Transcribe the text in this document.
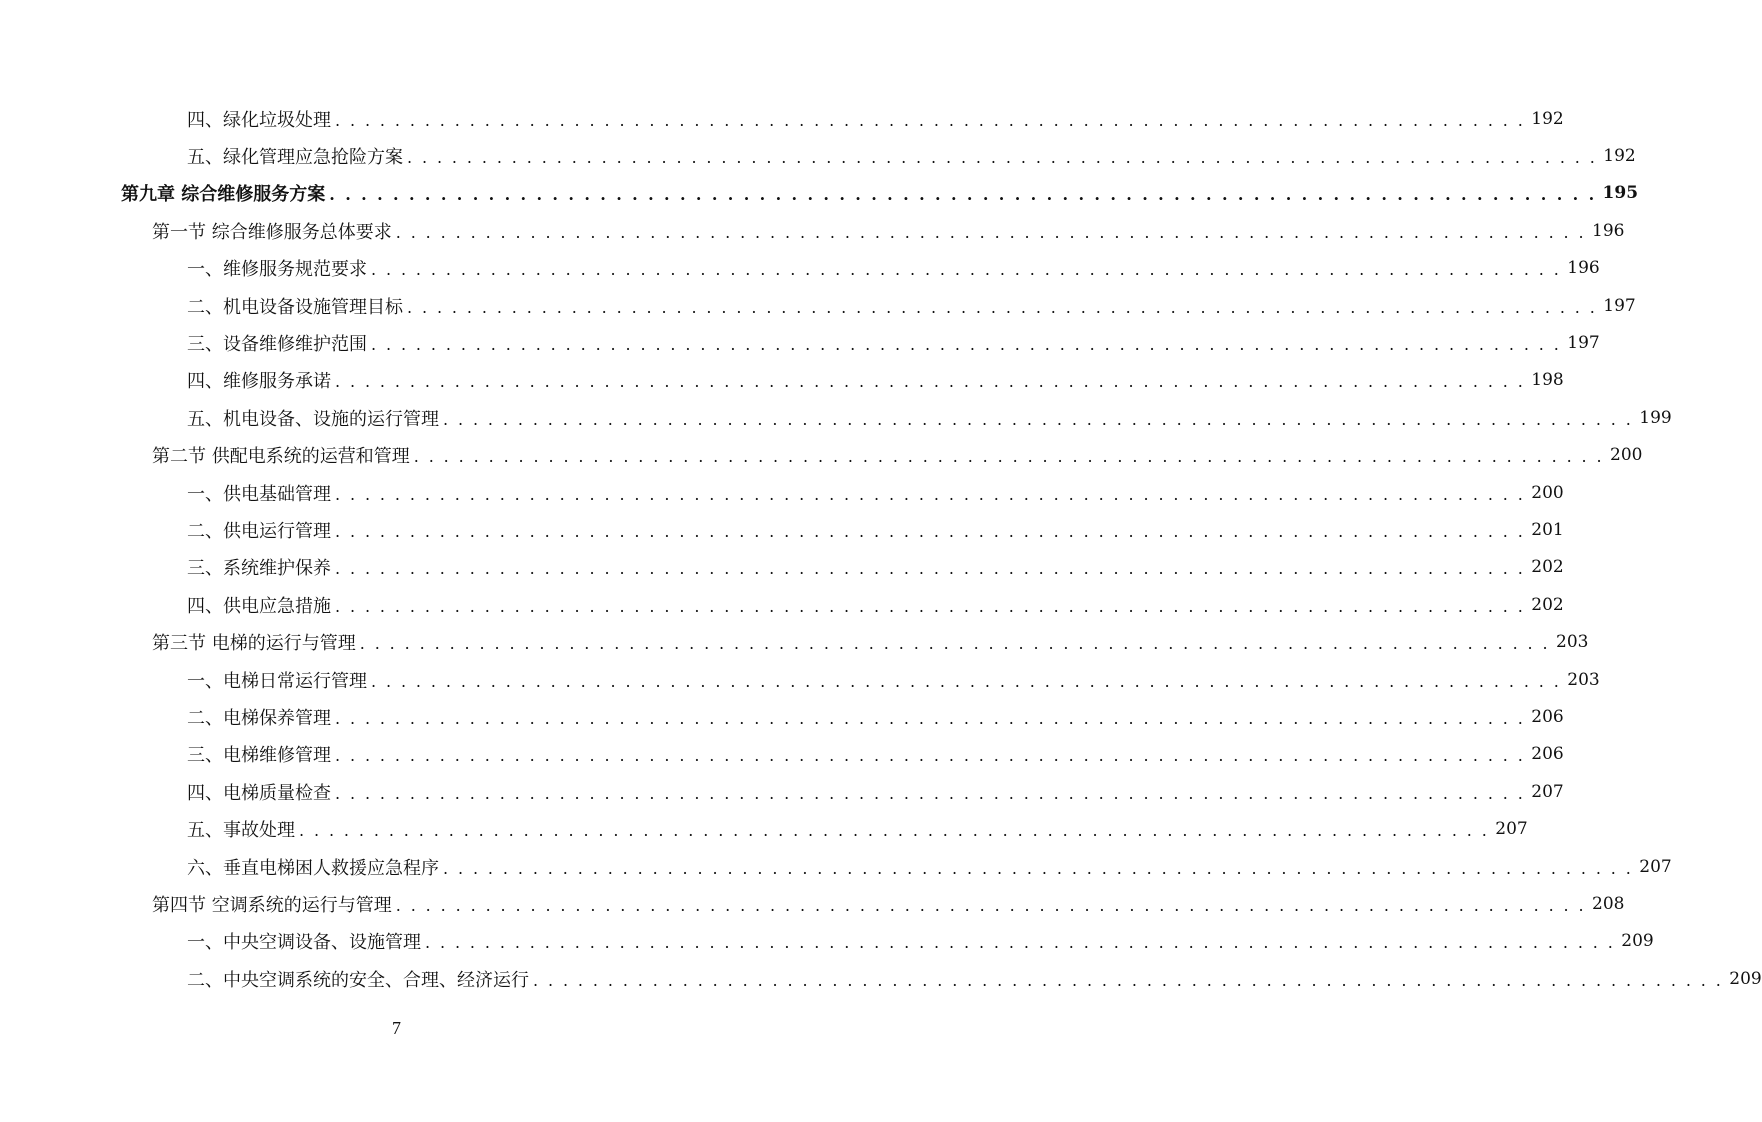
四、绿化垃圾处理 . . . . . . . . . . . . . . . . . . . . . . . . . . . . . . . . . . . . . . . . . . . . . . . . . . . . . . . . . . . . . . . . . . . . . . . . . . . . . . . . 192
五、绿化管理应急抢险方案 . . . . . . . . . . . . . . . . . . . . . . . . . . . . . . . . . . . . . . . . . . . . . . . . . . . . . . . . . . . . . . . . . . . . . . . . . . . . . . . . 192
第九章 综合维修服务方案 . . . . . . . . . . . . . . . . . . . . . . . . . . . . . . . . . . . . . . . . . . . . . . . . . . . . . . . . . . . . . . . . . . . . . . . . . . . . . . . . 195
第一节 综合维修服务总体要求 . . . . . . . . . . . . . . . . . . . . . . . . . . . . . . . . . . . . . . . . . . . . . . . . . . . . . . . . . . . . . . . . . . . . . . . . . . . . . . . . 196
一、维修服务规范要求 . . . . . . . . . . . . . . . . . . . . . . . . . . . . . . . . . . . . . . . . . . . . . . . . . . . . . . . . . . . . . . . . . . . . . . . . . . . . . . . . 196
二、机电设备设施管理目标 . . . . . . . . . . . . . . . . . . . . . . . . . . . . . . . . . . . . . . . . . . . . . . . . . . . . . . . . . . . . . . . . . . . . . . . . . . . . . . . . 197
三、设备维修维护范围 . . . . . . . . . . . . . . . . . . . . . . . . . . . . . . . . . . . . . . . . . . . . . . . . . . . . . . . . . . . . . . . . . . . . . . . . . . . . . . . . 197
四、维修服务承诺 . . . . . . . . . . . . . . . . . . . . . . . . . . . . . . . . . . . . . . . . . . . . . . . . . . . . . . . . . . . . . . . . . . . . . . . . . . . . . . . . 198
五、机电设备、设施的运行管理 . . . . . . . . . . . . . . . . . . . . . . . . . . . . . . . . . . . . . . . . . . . . . . . . . . . . . . . . . . . . . . . . . . . . . . . . . . . . . . . . 199
第二节 供配电系统的运营和管理 . . . . . . . . . . . . . . . . . . . . . . . . . . . . . . . . . . . . . . . . . . . . . . . . . . . . . . . . . . . . . . . . . . . . . . . . . . . . . . . . 200
一、供电基础管理 . . . . . . . . . . . . . . . . . . . . . . . . . . . . . . . . . . . . . . . . . . . . . . . . . . . . . . . . . . . . . . . . . . . . . . . . . . . . . . . . 200
二、供电运行管理 . . . . . . . . . . . . . . . . . . . . . . . . . . . . . . . . . . . . . . . . . . . . . . . . . . . . . . . . . . . . . . . . . . . . . . . . . . . . . . . . 201
三、系统维护保养 . . . . . . . . . . . . . . . . . . . . . . . . . . . . . . . . . . . . . . . . . . . . . . . . . . . . . . . . . . . . . . . . . . . . . . . . . . . . . . . . 202
四、供电应急措施 . . . . . . . . . . . . . . . . . . . . . . . . . . . . . . . . . . . . . . . . . . . . . . . . . . . . . . . . . . . . . . . . . . . . . . . . . . . . . . . . 202
第三节 电梯的运行与管理 . . . . . . . . . . . . . . . . . . . . . . . . . . . . . . . . . . . . . . . . . . . . . . . . . . . . . . . . . . . . . . . . . . . . . . . . . . . . . . . . 203
一、电梯日常运行管理 . . . . . . . . . . . . . . . . . . . . . . . . . . . . . . . . . . . . . . . . . . . . . . . . . . . . . . . . . . . . . . . . . . . . . . . . . . . . . . . . 203
二、电梯保养管理 . . . . . . . . . . . . . . . . . . . . . . . . . . . . . . . . . . . . . . . . . . . . . . . . . . . . . . . . . . . . . . . . . . . . . . . . . . . . . . . . 206
三、电梯维修管理 . . . . . . . . . . . . . . . . . . . . . . . . . . . . . . . . . . . . . . . . . . . . . . . . . . . . . . . . . . . . . . . . . . . . . . . . . . . . . . . . 206
四、电梯质量检查 . . . . . . . . . . . . . . . . . . . . . . . . . . . . . . . . . . . . . . . . . . . . . . . . . . . . . . . . . . . . . . . . . . . . . . . . . . . . . . . . 207
五、事故处理 . . . . . . . . . . . . . . . . . . . . . . . . . . . . . . . . . . . . . . . . . . . . . . . . . . . . . . . . . . . . . . . . . . . . . . . . . . . . . . . . 207
六、垂直电梯困人救援应急程序 . . . . . . . . . . . . . . . . . . . . . . . . . . . . . . . . . . . . . . . . . . . . . . . . . . . . . . . . . . . . . . . . . . . . . . . . . . . . . . . . 207
第四节 空调系统的运行与管理 . . . . . . . . . . . . . . . . . . . . . . . . . . . . . . . . . . . . . . . . . . . . . . . . . . . . . . . . . . . . . . . . . . . . . . . . . . . . . . . . 208
一、中央空调设备、设施管理 . . . . . . . . . . . . . . . . . . . . . . . . . . . . . . . . . . . . . . . . . . . . . . . . . . . . . . . . . . . . . . . . . . . . . . . . . . . . . . . . 209
二、中央空调系统的安全、合理、经济运行 . . . . . . . . . . . . . . . . . . . . . . . . . . . . . . . . . . . . . . . . . . . . . . . . . . . . . . . . . . . . . . . . . . . . . . . . . . . . . . . . 209
7
